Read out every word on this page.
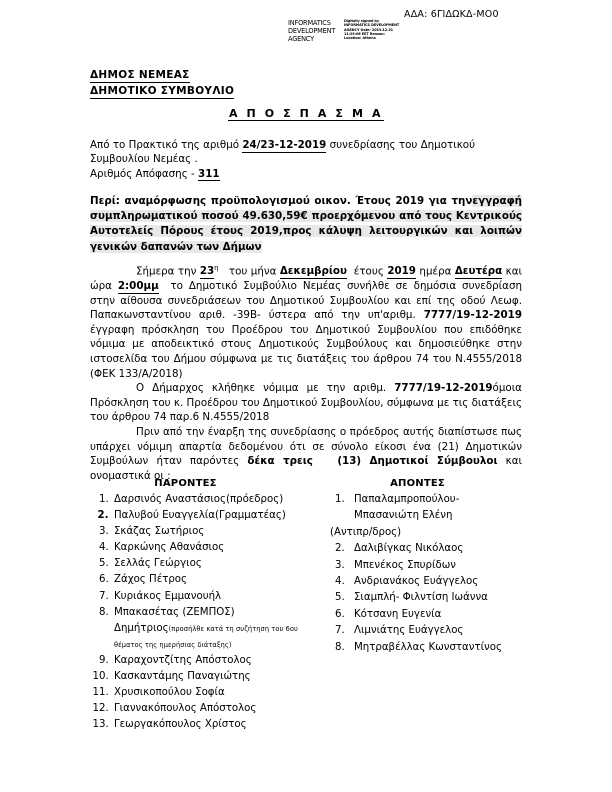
ΑΔΑ: 6ΓΙΔΩΚΔ-ΜΟ0
INFORMATICS DEVELOPMENT AGENCY
Digitally signed by INFORMATICS DEVELOPMENT AGENCY Date: 2019.12.31 11:29:06 EET Reason: Location: Athens
ΔΗΜΟΣ ΝΕΜΕΑΣ
ΔΗΜΟΤΙΚΟ ΣΥΜΒΟΥΛΙΟ
Α Π Ο Σ Π Α Σ Μ Α
Από το Πρακτικό της αριθμό 24/23-12-2019 συνεδρίασης του Δημοτικού Συμβουλίου Νεμέας .
Αριθμός Απόφασης - 311
Περί: αναμόρφωσης προϋπολογισμού οικον. Έτους 2019 για τηνεγγραφή συμπληρωματικού ποσού 49.630,59€ προερχόμενου από τους Κεντρικούς Αυτοτελείς Πόρους έτους 2019,προς κάλυψη λειτουργικών και λοιπών γενικών δαπανών των Δήμων

Σήμερα την $23^\eta$ του μήνα Δεκεμβρίου έτους 2019 ημέρα Δευτέρα και ώρα 2:00μμ το Δημοτικό Συμβούλιο Νεμέας συνήλθε σε δημόσια συνεδρίαση στην αίθουσα συνεδριάσεων του Δημοτικού Συμβουλίου και επί της οδού Λεωφ. Παπακωνσταντίνου αριθ. -39Β- ύστερα από την υπ'αριθμ. 7777/19-12-2019 έγγραφη πρόσκληση του Προέδρου του Δημοτικού Συμβουλίου που επιδόθηκε νόμιμα με αποδεικτικό στους Δημοτικούς Συμβούλους και δημοσιεύθηκε στην ιστοσελίδα του Δήμου σύμφωνα με τις διατάξεις του άρθρου 74 του Ν.4555/2018 (ΦΕΚ 133/Α/2018)

Ο Δήμαρχος κλήθηκε νόμιμα με την αριθμ. 7777/19-12-2019όμοια Πρόσκληση του κ. Προέδρου του Δημοτικού Συμβουλίου, σύμφωνα με τις διατάξεις του άρθρου 74 παρ.6 Ν.4555/2018

Πριν από την έναρξη της συνεδρίασης ο πρόεδρος αυτής διαπίστωσε πως υπάρχει νόμιμη απαρτία δεδομένου ότι σε σύνολο είκοσι ένα (21) Δημοτικών Συμβούλων ήταν παρόντες δέκα τρεις (13) Δημοτικοί Σύμβουλοι και ονομαστικά οι :

ΠΑΡΟΝΤΕΣ
1. Δαρσινός Αναστάσιος(πρόεδρος)
2. Παλυβού Ευαγγελία(Γραμματέας)
3. Σκάζας Σωτήριος
4. Καρκώνης Αθανάσιος
5. Σελλάς Γεώργιος
6. Ζάχος Πέτρος
7. Κυριάκος Εμμανουήλ
8. Μπακασέτας (ΖΕΜΠΟΣ) Δημήτριος(προσήλθε κατά τη συζήτηση του 6ου θέματος της ημερήσιας διάταξης)
9. Καραχοντζίτης Απόστολος
10. Κασκαντάμης Παναγιώτης
11. Χρυσικοπούλου Σοφία
12. Γιαννακόπουλος Απόστολος
13. Γεωργακόπουλος Χρίστος
ΑΠΟΝΤΕΣ
1. Παπαλαμπροπούλου-
Μπασανιώτη Ελένη
(Αντιπρ/δρος)
2. Δαλιβίγκας Νικόλαος
3. Μπενέκος Σπυρίδων
4. Ανδριανάκος Ευάγγελος
5. Σιαμπλή- Φιλντίση Ιωάννα
6. Κότσανη Ευγενία
7. Λιμνιάτης Ευάγγελος
8. Μητραβέλλας Κωνσταντίνος
